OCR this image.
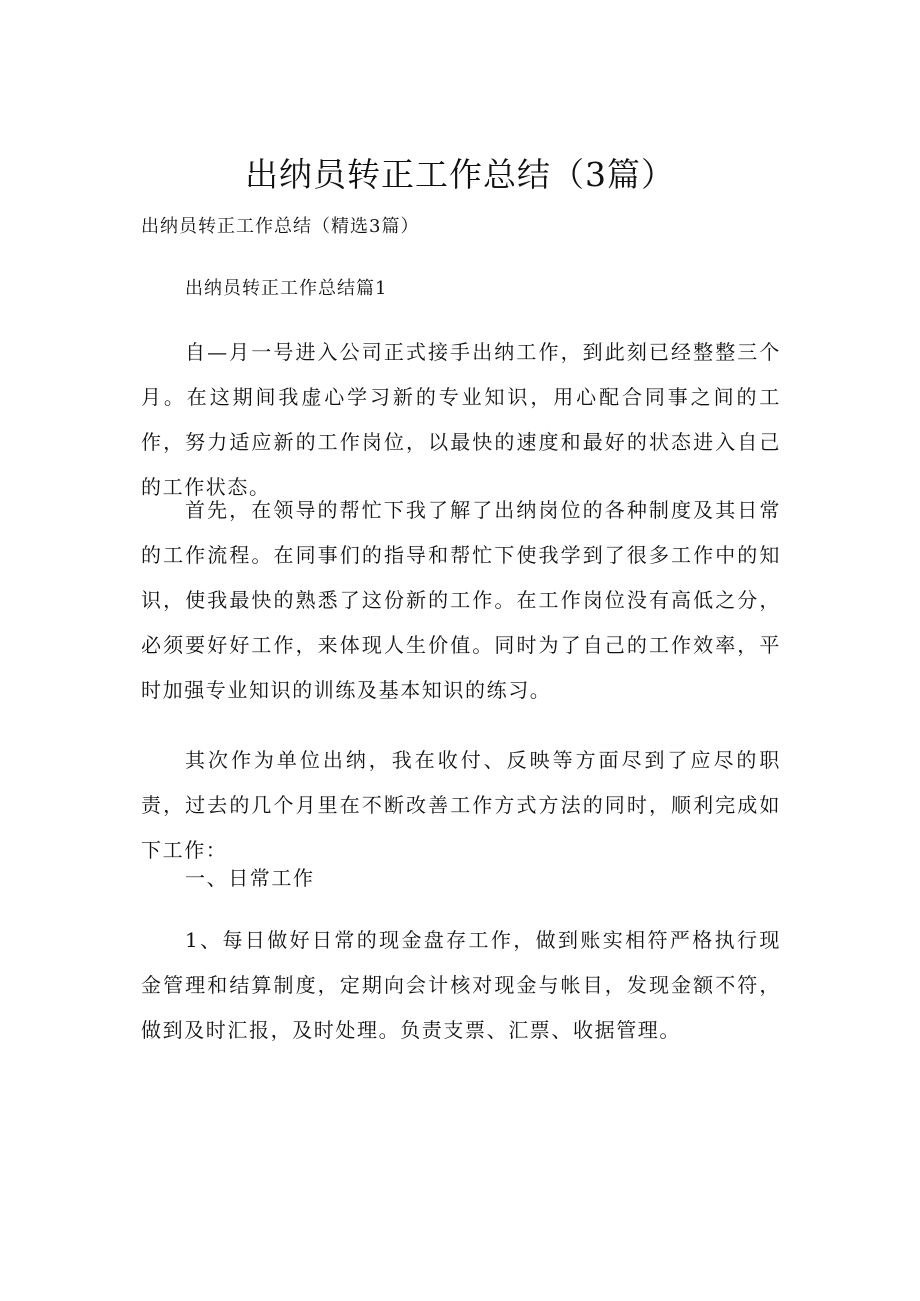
出纳员转正工作总结（3篇）

出纳员转正工作总结（精选3篇）

出纳员转正工作总结篇1

自—月一号进入公司正式接手出纳工作，到此刻已经整整三个月。在这期间我虚心学习新的专业知识，用心配合同事之间的工作，努力适应新的工作岗位，以最快的速度和最好的状态进入自己的工作状态。

首先，在领导的帮忙下我了解了出纳岗位的各种制度及其日常的工作流程。在同事们的指导和帮忙下使我学到了很多工作中的知识，使我最快的熟悉了这份新的工作。在工作岗位没有高低之分，必须要好好工作，来体现人生价值。同时为了自己的工作效率，平时加强专业知识的训练及基本知识的练习。

其次作为单位出纳，我在收付、反映等方面尽到了应尽的职责，过去的几个月里在不断改善工作方式方法的同时，顺利完成如下工作：

一、日常工作

1、每日做好日常的现金盘存工作，做到账实相符严格执行现金管理和结算制度，定期向会计核对现金与帐目，发现金额不符，做到及时汇报，及时处理。负责支票、汇票、收据管理。
